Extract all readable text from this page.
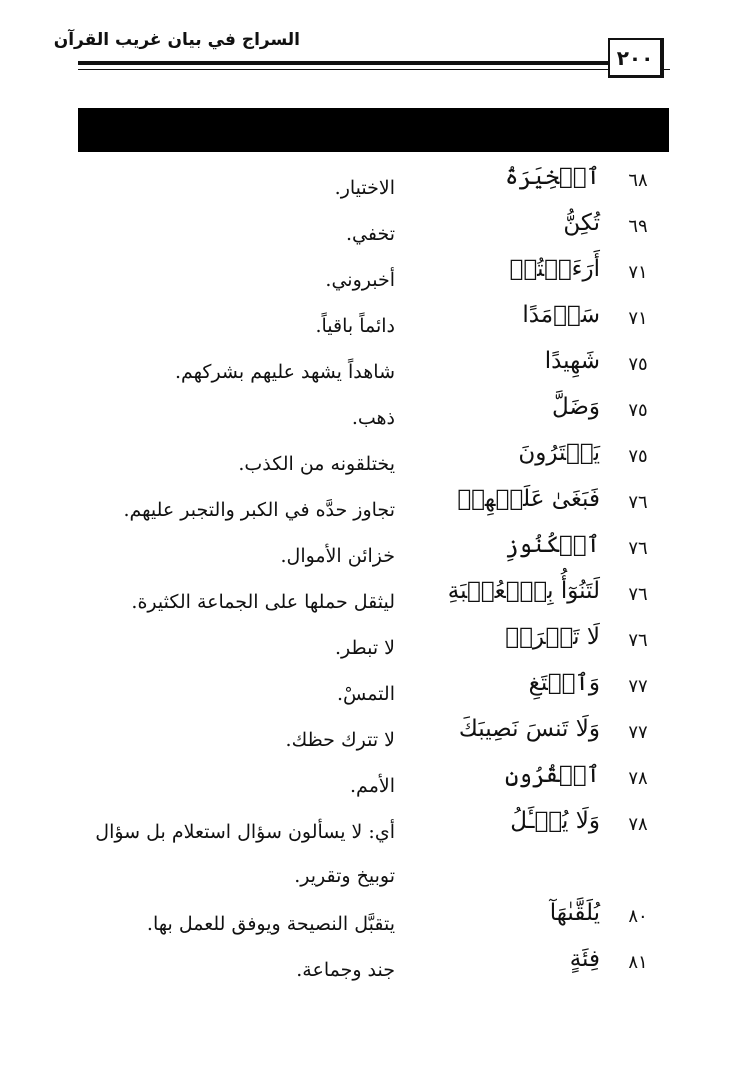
السراج في بيان غريب القرآن
٢٠٠
٦٨
ٱلۡخِيَرَةُ
الاختيار.
٦٩
تُكِنُّ
تخفي.
٧١
أَرَءَيۡتُمۡ
أخبروني.
٧١
سَرۡمَدًا
دائماً باقياً.
٧٥
شَهِيدًا
شاهداً يشهد عليهم بشركهم.
٧٥
وَضَلَّ
ذهب.
٧٥
يَفۡتَرُونَ
يختلقونه من الكذب.
٧٦
فَبَغَىٰ عَلَيۡهِمۡ
تجاوز حدَّه في الكبر والتجبر عليهم.
٧٦
ٱلۡكُنُوزِ
خزائن الأموال.
٧٦
لَتَنُوٓأُ بِٱلۡعُصۡبَةِ
ليثقل حملها على الجماعة الكثيرة.
٧٦
لَا تَفۡرَحۡ
لا تبطر.
٧٧
وَٱبۡتَغِ
التمسْ.
٧٧
وَلَا تَنسَ نَصِيبَكَ
لا تترك حظك.
٧٨
ٱلۡقُرُونِ
الأمم.
٧٨
وَلَا يُسۡـَٔلُ
أي: لا يسألون سؤال استعلام بل سؤال توبيخ وتقرير.
٨٠
يُلَقَّىٰهَآ
يتقبَّل النصيحة ويوفق للعمل بها.
٨١
فِئَةٍ
جند وجماعة.
